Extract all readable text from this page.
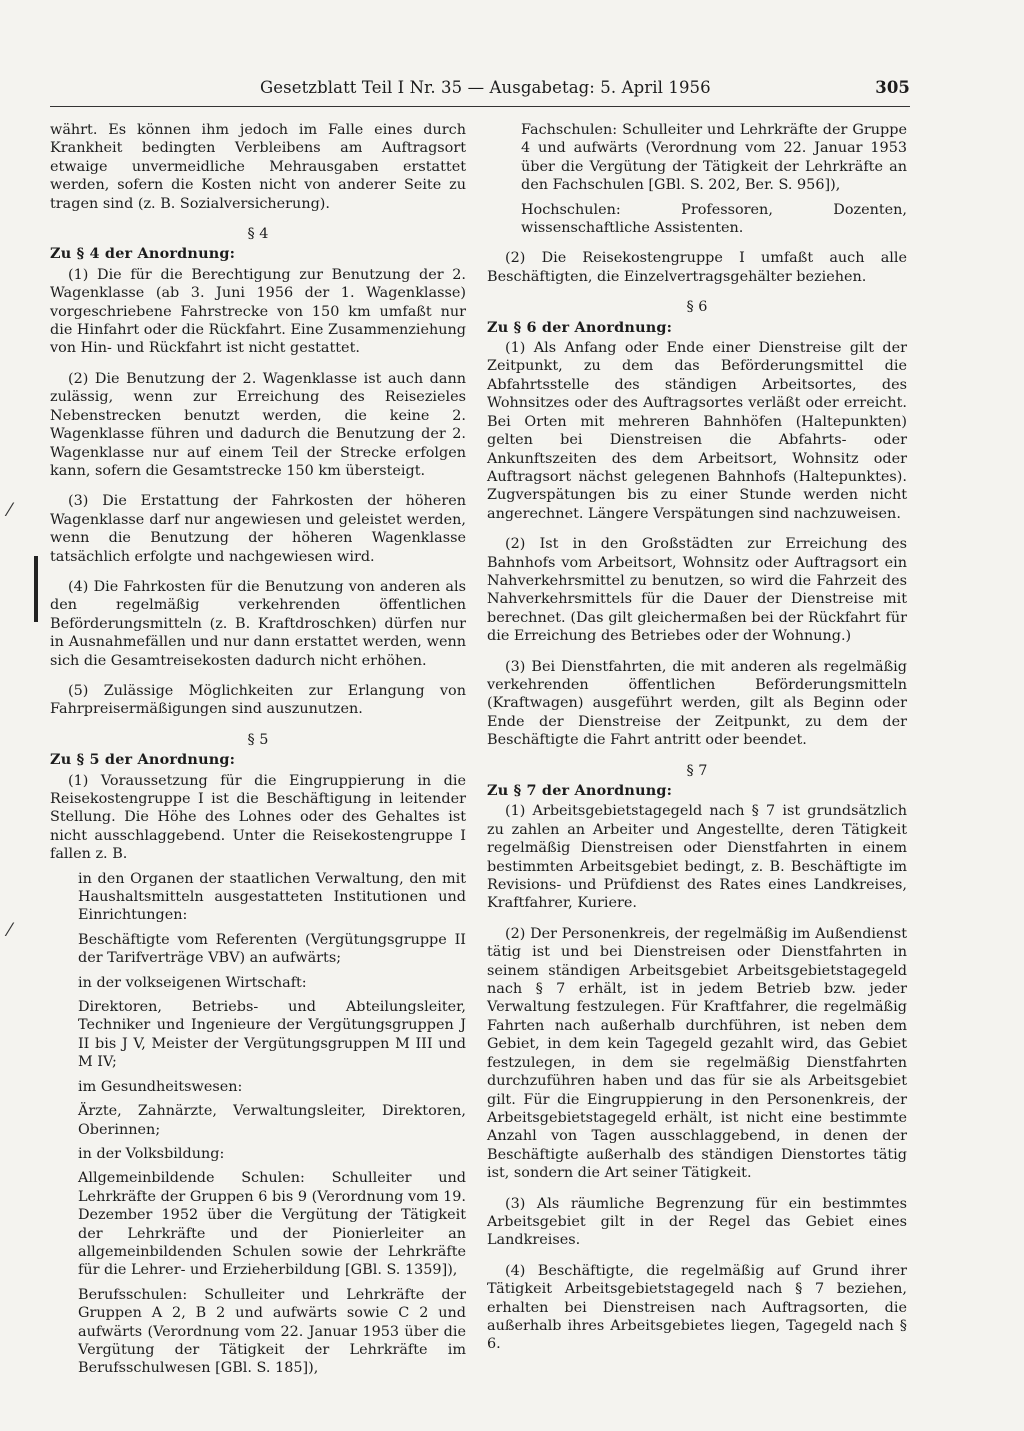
Gesetzblatt Teil I Nr. 35 — Ausgabetag: 5. April 1956	305
⁄
⁄

währt. Es können ihm jedoch im Falle eines durch Krankheit bedingten Verbleibens am Auftragsort etwaige unvermeidliche Mehrausgaben erstattet werden, sofern die Kosten nicht von anderer Seite zu tragen sind (z. B. Sozialversicherung).

§ 4
Zu § 4 der Anordnung:

(1) Die für die Berechtigung zur Benutzung der 2. Wagenklasse (ab 3. Juni 1956 der 1. Wagenklasse) vorgeschriebene Fahrstrecke von 150 km umfaßt nur die Hinfahrt oder die Rückfahrt. Eine Zusammenziehung von Hin- und Rückfahrt ist nicht gestattet.

(2) Die Benutzung der 2. Wagenklasse ist auch dann zulässig, wenn zur Erreichung des Reisezieles Nebenstrecken benutzt werden, die keine 2. Wagenklasse führen und dadurch die Benutzung der 2. Wagenklasse nur auf einem Teil der Strecke erfolgen kann, sofern die Gesamtstrecke 150 km übersteigt.

(3) Die Erstattung der Fahrkosten der höheren Wagenklasse darf nur angewiesen und geleistet werden, wenn die Benutzung der höheren Wagenklasse tatsächlich erfolgte und nachgewiesen wird.

(4) Die Fahrkosten für die Benutzung von anderen als den regelmäßig verkehrenden öffentlichen Beförderungsmitteln (z. B. Kraftdroschken) dürfen nur in Ausnahmefällen und nur dann erstattet werden, wenn sich die Gesamtreisekosten dadurch nicht erhöhen.

(5) Zulässige Möglichkeiten zur Erlangung von Fahrpreisermäßigungen sind auszunutzen.

§ 5
Zu § 5 der Anordnung:

(1) Voraussetzung für die Eingruppierung in die Reisekostengruppe I ist die Beschäftigung in leitender Stellung. Die Höhe des Lohnes oder des Gehaltes ist nicht ausschlaggebend. Unter die Reisekostengruppe I fallen z. B.

in den Organen der staatlichen Verwaltung, den mit Haushaltsmitteln ausgestatteten Institutionen und Einrichtungen:

Beschäftigte vom Referenten (Vergütungsgruppe II der Tarifverträge VBV) an aufwärts;

in der volkseigenen Wirtschaft:

Direktoren, Betriebs- und Abteilungsleiter, Techniker und Ingenieure der Vergütungsgruppen J II bis J V, Meister der Vergütungsgruppen M III und M IV;

im Gesundheitswesen:

Ärzte, Zahnärzte, Verwaltungsleiter, Direktoren, Oberinnen;

in der Volksbildung:

Allgemeinbildende Schulen: Schulleiter und Lehrkräfte der Gruppen 6 bis 9 (Verordnung vom 19. Dezember 1952 über die Vergütung der Tätigkeit der Lehrkräfte und der Pionierleiter an allgemeinbildenden Schulen sowie der Lehrkräfte für die Lehrer- und Erzieherbildung [GBl. S. 1359]),

Berufsschulen: Schulleiter und Lehrkräfte der Gruppen A 2, B 2 und aufwärts sowie C 2 und aufwärts (Verordnung vom 22. Januar 1953 über die Vergütung der Tätigkeit der Lehrkräfte im Berufsschulwesen [GBl. S. 185]),

Fachschulen: Schulleiter und Lehrkräfte der Gruppe 4 und aufwärts (Verordnung vom 22. Januar 1953 über die Vergütung der Tätigkeit der Lehrkräfte an den Fachschulen [GBl. S. 202, Ber. S. 956]),

Hochschulen: Professoren, Dozenten, wissenschaftliche Assistenten.

(2) Die Reisekostengruppe I umfaßt auch alle Beschäftigten, die Einzelvertragsgehälter beziehen.

§ 6
Zu § 6 der Anordnung:

(1) Als Anfang oder Ende einer Dienstreise gilt der Zeitpunkt, zu dem das Beförderungsmittel die Abfahrtsstelle des ständigen Arbeitsortes, des Wohnsitzes oder des Auftragsortes verläßt oder erreicht. Bei Orten mit mehreren Bahnhöfen (Haltepunkten) gelten bei Dienstreisen die Abfahrts- oder Ankunftszeiten des dem Arbeitsort, Wohnsitz oder Auftragsort nächst gelegenen Bahnhofs (Haltepunktes). Zugverspätungen bis zu einer Stunde werden nicht angerechnet. Längere Verspätungen sind nachzuweisen.

(2) Ist in den Großstädten zur Erreichung des Bahnhofs vom Arbeitsort, Wohnsitz oder Auftragsort ein Nahverkehrsmittel zu benutzen, so wird die Fahrzeit des Nahverkehrsmittels für die Dauer der Dienstreise mit berechnet. (Das gilt gleichermaßen bei der Rückfahrt für die Erreichung des Betriebes oder der Wohnung.)

(3) Bei Dienstfahrten, die mit anderen als regelmäßig verkehrenden öffentlichen Beförderungsmitteln (Kraftwagen) ausgeführt werden, gilt als Beginn oder Ende der Dienstreise der Zeitpunkt, zu dem der Beschäftigte die Fahrt antritt oder beendet.

§ 7
Zu § 7 der Anordnung:

(1) Arbeitsgebietstagegeld nach § 7 ist grundsätzlich zu zahlen an Arbeiter und Angestellte, deren Tätigkeit regelmäßig Dienstreisen oder Dienstfahrten in einem bestimmten Arbeitsgebiet bedingt, z. B. Beschäftigte im Revisions- und Prüfdienst des Rates eines Landkreises, Kraftfahrer, Kuriere.

(2) Der Personenkreis, der regelmäßig im Außendienst tätig ist und bei Dienstreisen oder Dienstfahrten in seinem ständigen Arbeitsgebiet Arbeitsgebietstagegeld nach § 7 erhält, ist in jedem Betrieb bzw. jeder Verwaltung festzulegen. Für Kraftfahrer, die regelmäßig Fahrten nach außerhalb durchführen, ist neben dem Gebiet, in dem kein Tagegeld gezahlt wird, das Gebiet festzulegen, in dem sie regelmäßig Dienstfahrten durchzuführen haben und das für sie als Arbeitsgebiet gilt. Für die Eingruppierung in den Personenkreis, der Arbeitsgebietstagegeld erhält, ist nicht eine bestimmte Anzahl von Tagen ausschlaggebend, in denen der Beschäftigte außerhalb des ständigen Dienstortes tätig ist, sondern die Art seiner Tätigkeit.

(3) Als räumliche Begrenzung für ein bestimmtes Arbeitsgebiet gilt in der Regel das Gebiet eines Landkreises.

(4) Beschäftigte, die regelmäßig auf Grund ihrer Tätigkeit Arbeitsgebietstagegeld nach § 7 beziehen, erhalten bei Dienstreisen nach Auftragsorten, die außerhalb ihres Arbeitsgebietes liegen, Tagegeld nach § 6.
